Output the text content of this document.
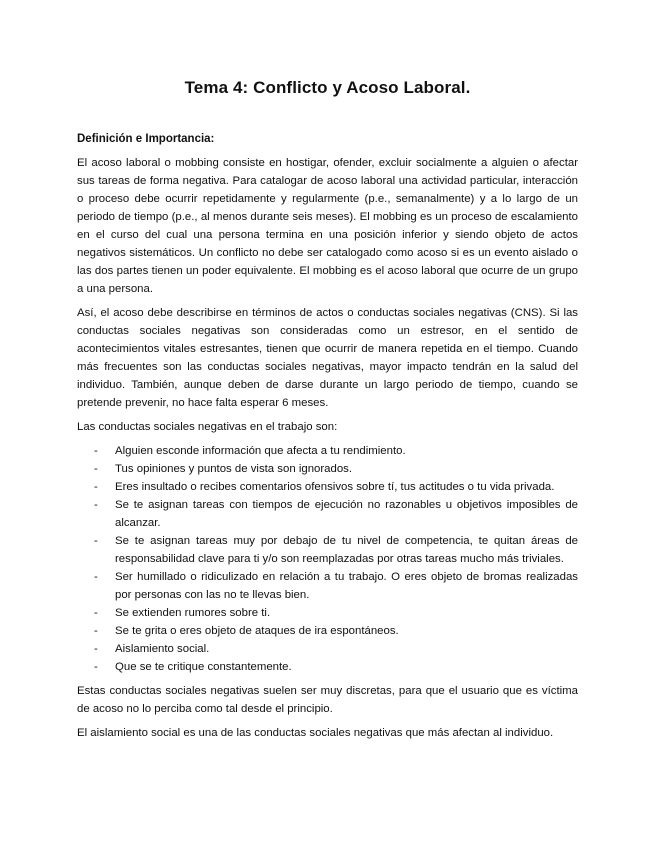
Tema 4: Conflicto y Acoso Laboral.
Definición e Importancia:

El acoso laboral o mobbing consiste en hostigar, ofender, excluir socialmente a alguien o afectar sus tareas de forma negativa. Para catalogar de acoso laboral una actividad particular, interacción o proceso debe ocurrir repetidamente y regularmente (p.e., semanalmente) y a lo largo de un periodo de tiempo (p.e., al menos durante seis meses). El mobbing es un proceso de escalamiento en el curso del cual una persona termina en una posición inferior y siendo objeto de actos negativos sistemáticos. Un conflicto no debe ser catalogado como acoso si es un evento aislado o las dos partes tienen un poder equivalente. El mobbing es el acoso laboral que ocurre de un grupo a una persona.

Así, el acoso debe describirse en términos de actos o conductas sociales negativas (CNS). Si las conductas sociales negativas son consideradas como un estresor, en el sentido de acontecimientos vitales estresantes, tienen que ocurrir de manera repetida en el tiempo. Cuando más frecuentes son las conductas sociales negativas, mayor impacto tendrán en la salud del individuo. También, aunque deben de darse durante un largo periodo de tiempo, cuando se pretende prevenir, no hace falta esperar 6 meses.

Las conductas sociales negativas en el trabajo son:

- Alguien esconde información que afecta a tu rendimiento.
- Tus opiniones y puntos de vista son ignorados.
- Eres insultado o recibes comentarios ofensivos sobre tí, tus actitudes o tu vida privada.
- Se te asignan tareas con tiempos de ejecución no razonables u objetivos imposibles de alcanzar.
- Se te asignan tareas muy por debajo de tu nivel de competencia, te quitan áreas de responsabilidad clave para ti y/o son reemplazadas por otras tareas mucho más triviales.
- Ser humillado o ridiculizado en relación a tu trabajo. O eres objeto de bromas realizadas por personas con las no te llevas bien.
- Se extienden rumores sobre ti.
- Se te grita o eres objeto de ataques de ira espontáneos.
- Aislamiento social.
- Que se te critique constantemente.

Estas conductas sociales negativas suelen ser muy discretas, para que el usuario que es víctima de acoso no lo perciba como tal desde el principio.

El aislamiento social es una de las conductas sociales negativas que más afectan al individuo.
